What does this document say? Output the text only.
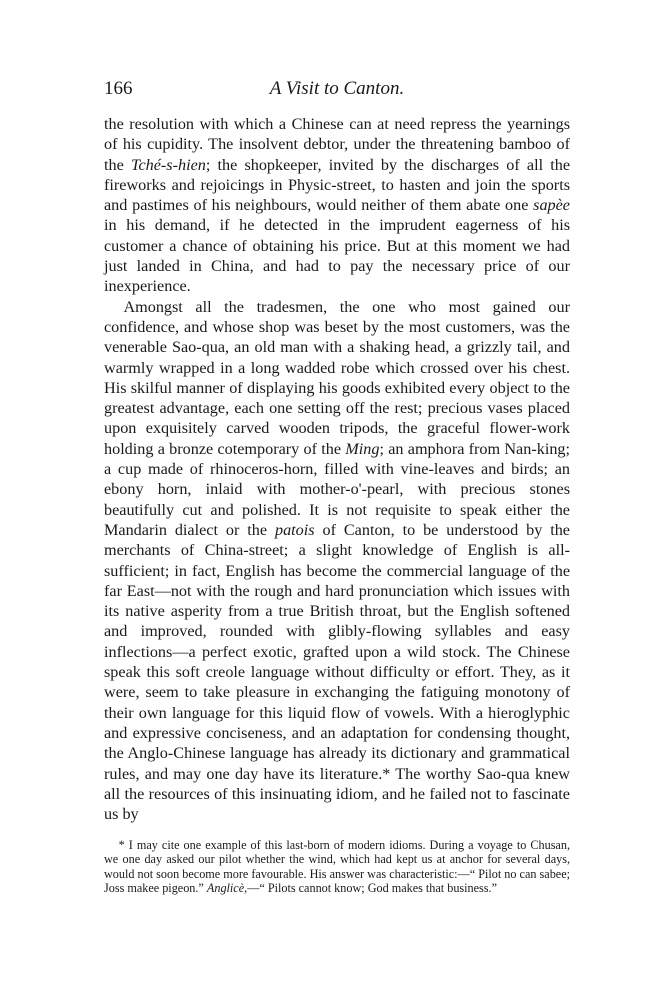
166	A Visit to Canton.

the resolution with which a Chinese can at need repress the yearnings of his cupidity. The insolvent debtor, under the threatening bamboo of the Tché-s-hien; the shopkeeper, invited by the discharges of all the fireworks and rejoicings in Physic-street, to hasten and join the sports and pastimes of his neighbours, would neither of them abate one sapèe in his demand, if he detected in the imprudent eagerness of his customer a chance of obtaining his price. But at this moment we had just landed in China, and had to pay the necessary price of our inexperience.

Amongst all the tradesmen, the one who most gained our confidence, and whose shop was beset by the most customers, was the venerable Sao-qua, an old man with a shaking head, a grizzly tail, and warmly wrapped in a long wadded robe which crossed over his chest. His skilful manner of displaying his goods exhibited every object to the greatest advantage, each one setting off the rest; precious vases placed upon exquisitely carved wooden tripods, the graceful flower-work holding a bronze cotemporary of the Ming; an amphora from Nan-king; a cup made of rhinoceros-horn, filled with vine-leaves and birds; an ebony horn, inlaid with mother-o'-pearl, with precious stones beautifully cut and polished. It is not requisite to speak either the Mandarin dialect or the patois of Canton, to be understood by the merchants of China-street; a slight knowledge of English is all-sufficient; in fact, English has become the commercial language of the far East—not with the rough and hard pronunciation which issues with its native asperity from a true British throat, but the English softened and improved, rounded with glibly-flowing syllables and easy inflections—a perfect exotic, grafted upon a wild stock. The Chinese speak this soft creole language without difficulty or effort. They, as it were, seem to take pleasure in exchanging the fatiguing monotony of their own language for this liquid flow of vowels. With a hieroglyphic and expressive conciseness, and an adaptation for condensing thought, the Anglo-Chinese language has already its dictionary and grammatical rules, and may one day have its literature.* The worthy Sao-qua knew all the resources of this insinuating idiom, and he failed not to fascinate us by

* I may cite one example of this last-born of modern idioms. During a voyage to Chusan, we one day asked our pilot whether the wind, which had kept us at anchor for several days, would not soon become more favourable. His answer was characteristic:—“ Pilot no can sabee; Joss makee pigeon.” Anglicè,—“ Pilots cannot know; God makes that business.”
